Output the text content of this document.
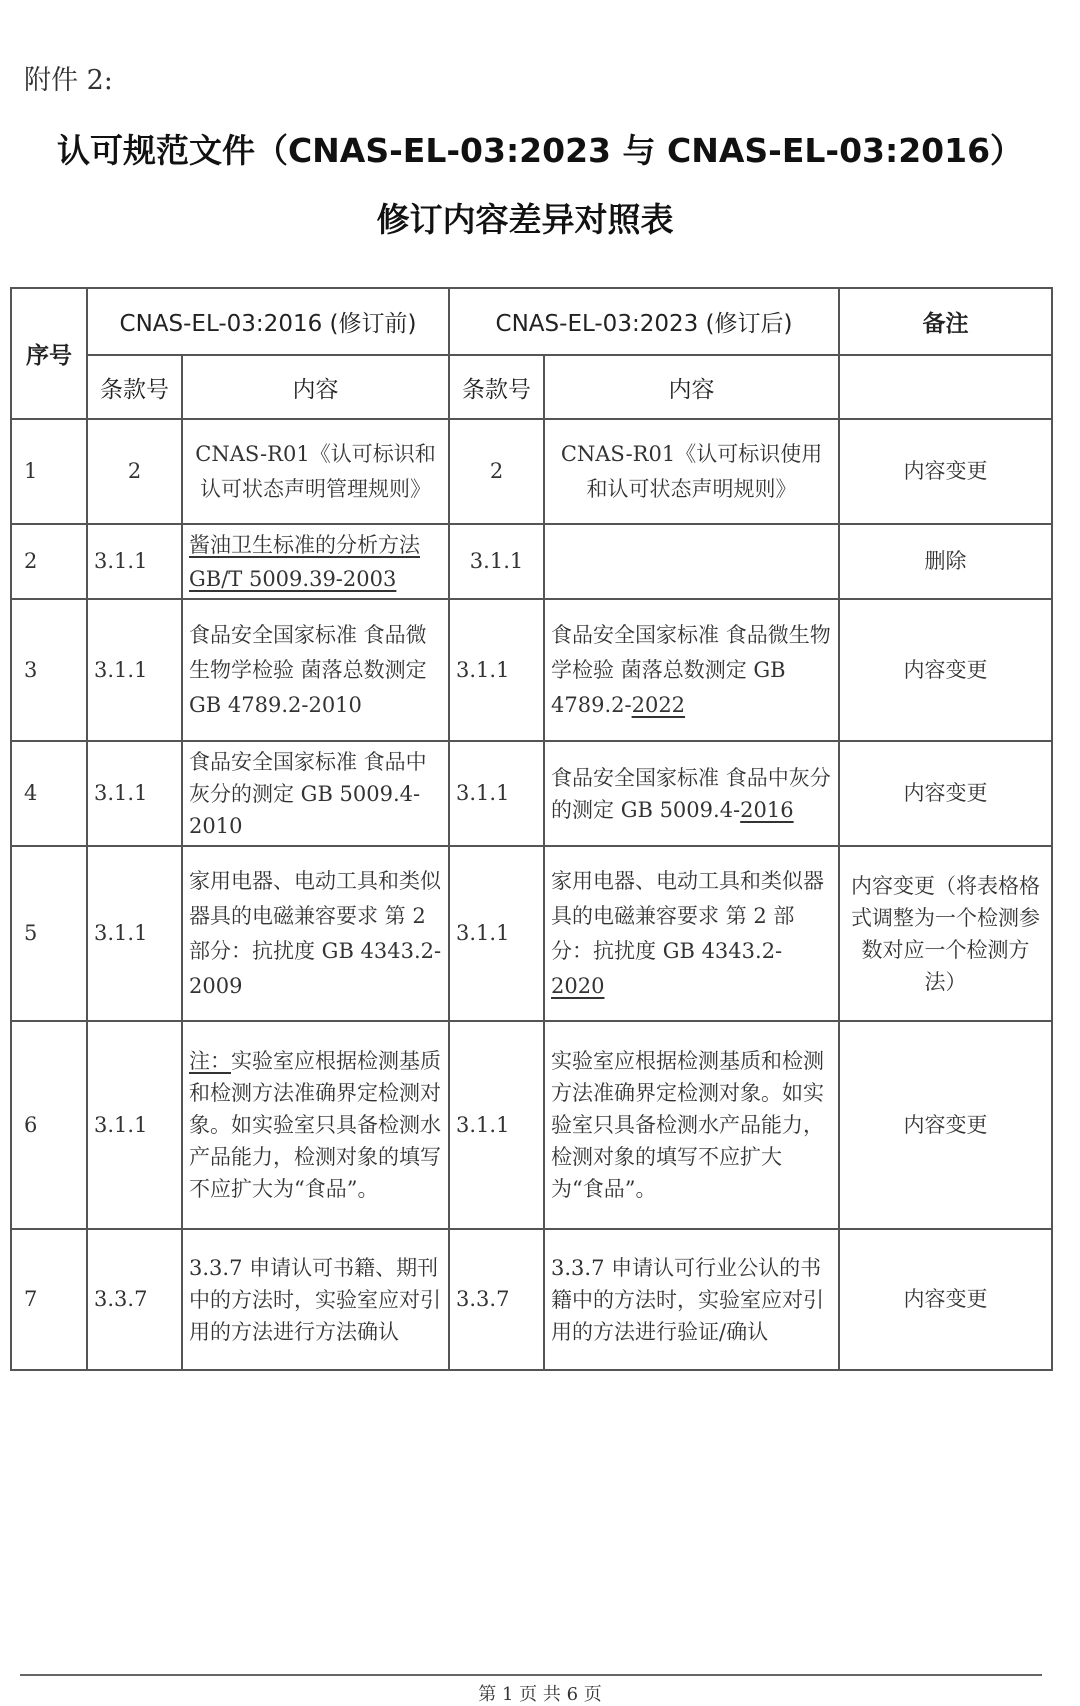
附件 2:
认可规范文件（CNAS-EL-03:2023 与 CNAS-EL-03:2016）
修订内容差异对照表
序号	CNAS-EL-03:2016 (修订前)		CNAS-EL-03:2023 (修订后)		备注
	条款号	内容	条款号	内容	
1	2	CNAS-R01《认可标识和认可状态声明管理规则》	2	CNAS-R01《认可标识使用和认可状态声明规则》	内容变更
2	3.1.1	酱油卫生标准的分析方法 GB/T 5009.39-2003	3.1.1		删除
3	3.1.1	食品安全国家标准 食品微生物学检验 菌落总数测定 GB 4789.2-2010	3.1.1	食品安全国家标准 食品微生物学检验 菌落总数测定 GB 4789.2-2022	内容变更
4	3.1.1	食品安全国家标准 食品中灰分的测定 GB 5009.4-2010	3.1.1	食品安全国家标准 食品中灰分的测定 GB 5009.4-2016	内容变更
5	3.1.1	家用电器、电动工具和类似器具的电磁兼容要求 第 2 部分：抗扰度 GB 4343.2-2009	3.1.1	家用电器、电动工具和类似器具的电磁兼容要求 第 2 部分：抗扰度 GB 4343.2-2020	内容变更（将表格格式调整为一个检测参数对应一个检测方法）
6	3.1.1	注：实验室应根据检测基质和检测方法准确界定检测对象。如实验室只具备检测水产品能力，检测对象的填写不应扩大为“食品”。	3.1.1	实验室应根据检测基质和检测方法准确界定检测对象。如实验室只具备检测水产品能力，检测对象的填写不应扩大为“食品”。	内容变更
7	3.3.7	3.3.7 申请认可书籍、期刊中的方法时，实验室应对引用的方法进行方法确认	3.3.7	3.3.7 申请认可行业公认的书籍中的方法时，实验室应对引用的方法进行验证/确认	内容变更
第 1 页 共 6 页
